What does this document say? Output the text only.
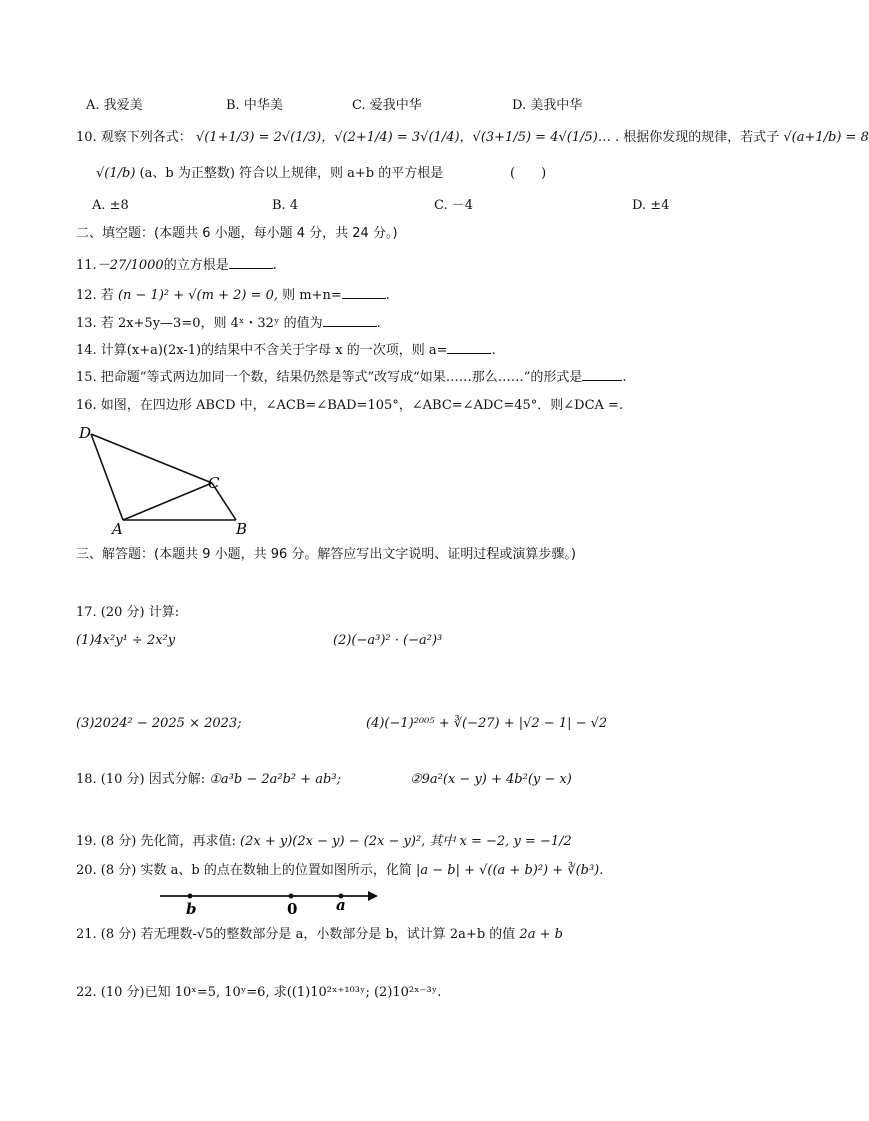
A. 我爱美	B. 中华美	C. 爱我中华	D. 美我中华
10. 观察下列各式： √(1+1/3) = 2√(1/3)，√(2+1/4) = 3√(1/4)，√(3+1/5) = 4√(1/5)… . 根据你发现的规律，若式子 √(a+1/b) = 8
√(1/b) (a、b 为正整数) 符合以上规律，则 a+b 的平方根是	(　　)
A. ±8	B. 4	C. －4	D. ±4
二、填空题：(本题共 6 小题，每小题 4 分，共 24 分。)
11.－27/1000的立方根是	.
12. 若 (n − 1)² + √(m + 2) = 0, 则 m+n=	.
13. 若 2x+5y—3=0，则 4ˣ・32ʸ 的值为	.
14. 计算(x+a)(2x-1)的结果中不含关于字母 x 的一次项，则 a=	.
15. 把命题“等式两边加同一个数，结果仍然是等式”改写成“如果……那么……”的形式是	.
16. 如图，在四边形 ABCD 中，∠ACB=∠BAD=105°，∠ABC=∠ADC=45°．则∠DCA =.
D
C
A	B
三、解答题：(本题共 9 小题，共 96 分。解答应写出文字说明、证明过程或演算步骤。)
17. (20 分) 计算:
(1)4x²y¹ ÷ 2x²y	(2)(−a³)² · (−a²)³
(3)2024² − 2025 × 2023;	(4)(−1)²⁰⁰⁵ + ∛(−27) + |√2 − 1| − √2
18. (10 分) 因式分解: ①a³b − 2a²b² + ab³;	②9a²(x − y) + 4b²(y − x)
19. (8 分) 先化简，再求值: (2x + y)(2x − y) − (2x − y)², 其中 x = −2, y = −1/2
20. (8 分) 实数 a、b 的点在数轴上的位置如图所示，化简 |a − b| + √((a + b)²) + ∛(b³).
b	0	a
21. (8 分) 若无理数-√5的整数部分是 a，小数部分是 b，试计算 2a+b 的值 2a + b
22. (10 分)已知 10ˣ=5, 10ʸ=6, 求((1)10²ˣ⁺¹⁰³ʸ; (2)10²ˣ⁻³ʸ.
